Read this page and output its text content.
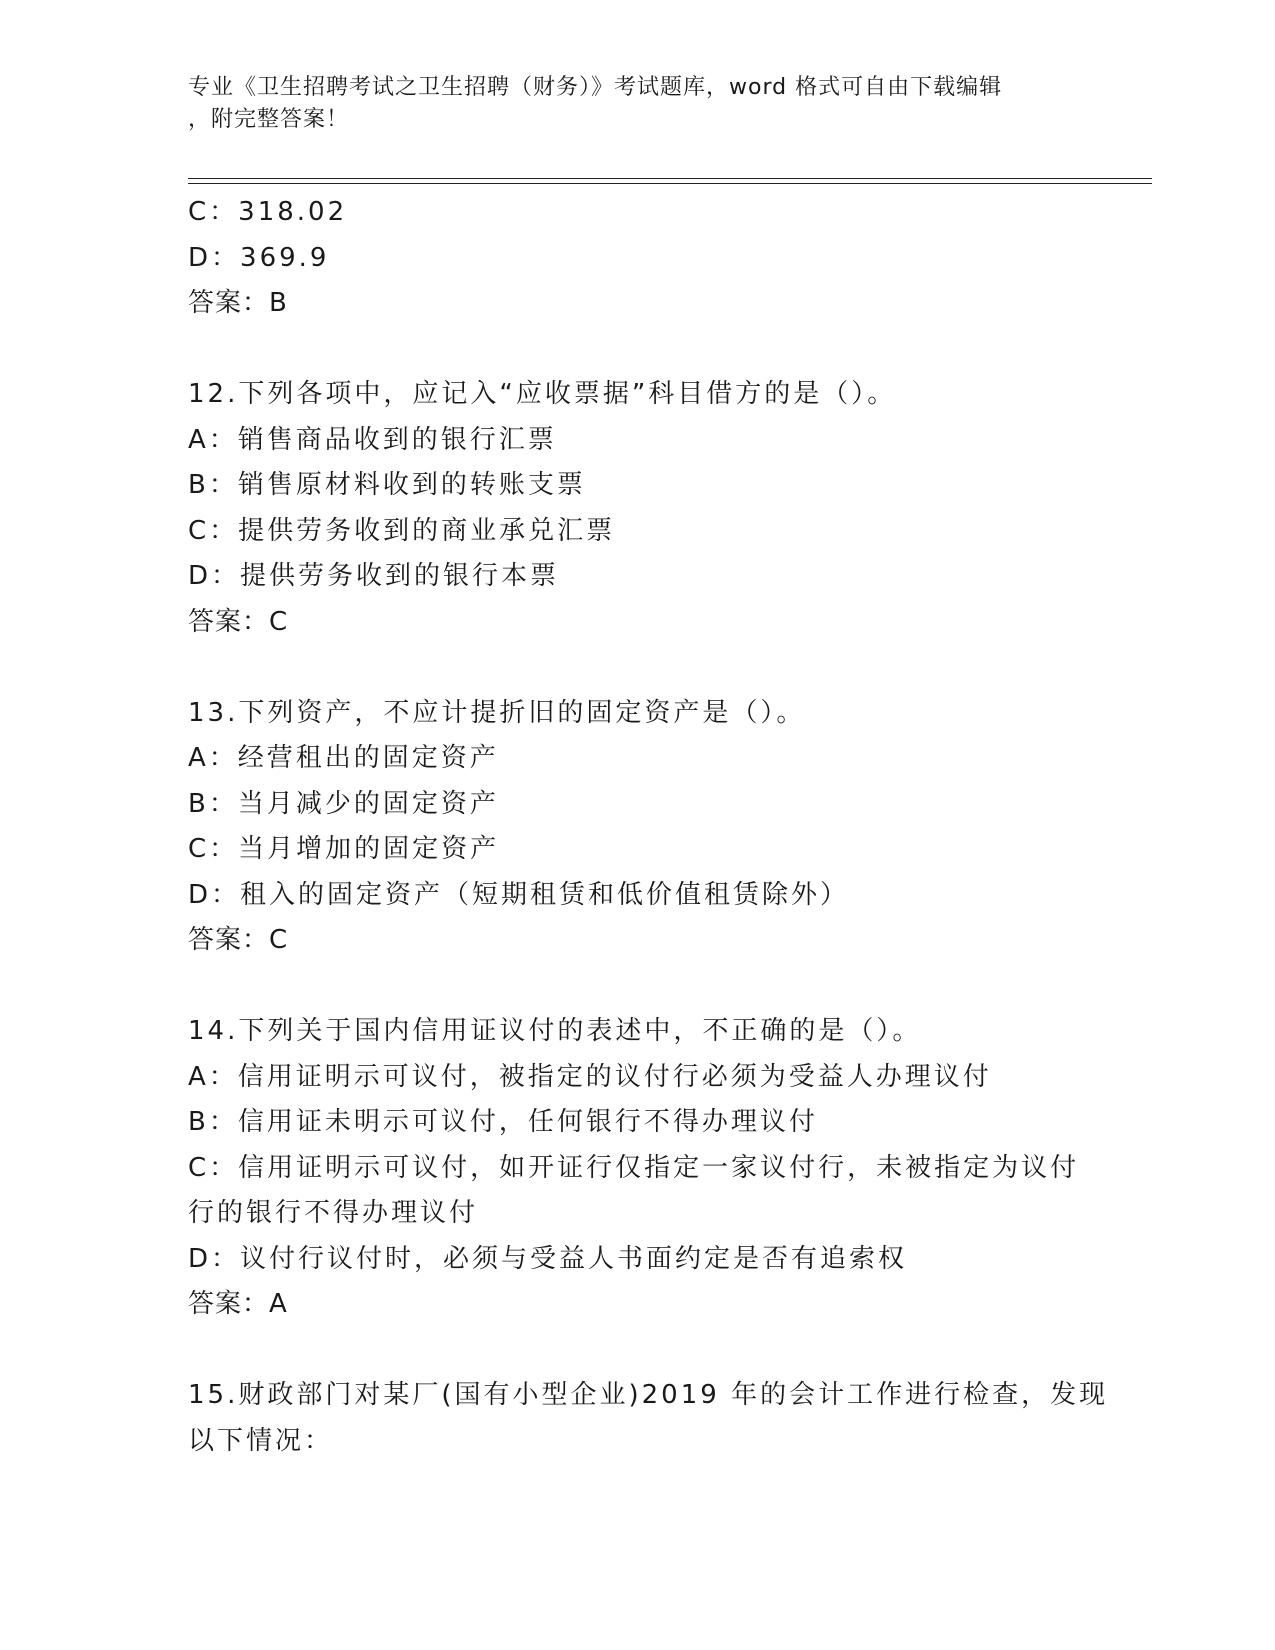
专业《卫生招聘考试之卫生招聘（财务）》考试题库，word 格式可自由下载编辑
，附完整答案！
C：318.02
D：369.9
答案：B
12.下列各项中，应记入“应收票据”科目借方的是（）。
A：销售商品收到的银行汇票
B：销售原材料收到的转账支票
C：提供劳务收到的商业承兑汇票
D：提供劳务收到的银行本票
答案：C
13.下列资产，不应计提折旧的固定资产是（）。
A：经营租出的固定资产
B：当月减少的固定资产
C：当月增加的固定资产
D：租入的固定资产（短期租赁和低价值租赁除外）
答案：C
14.下列关于国内信用证议付的表述中，不正确的是（）。
A：信用证明示可议付，被指定的议付行必须为受益人办理议付
B：信用证未明示可议付，任何银行不得办理议付
C：信用证明示可议付，如开证行仅指定一家议付行，未被指定为议付
行的银行不得办理议付
D：议付行议付时，必须与受益人书面约定是否有追索权
答案：A
15.财政部门对某厂(国有小型企业)2019 年的会计工作进行检查，发现
以下情况：
